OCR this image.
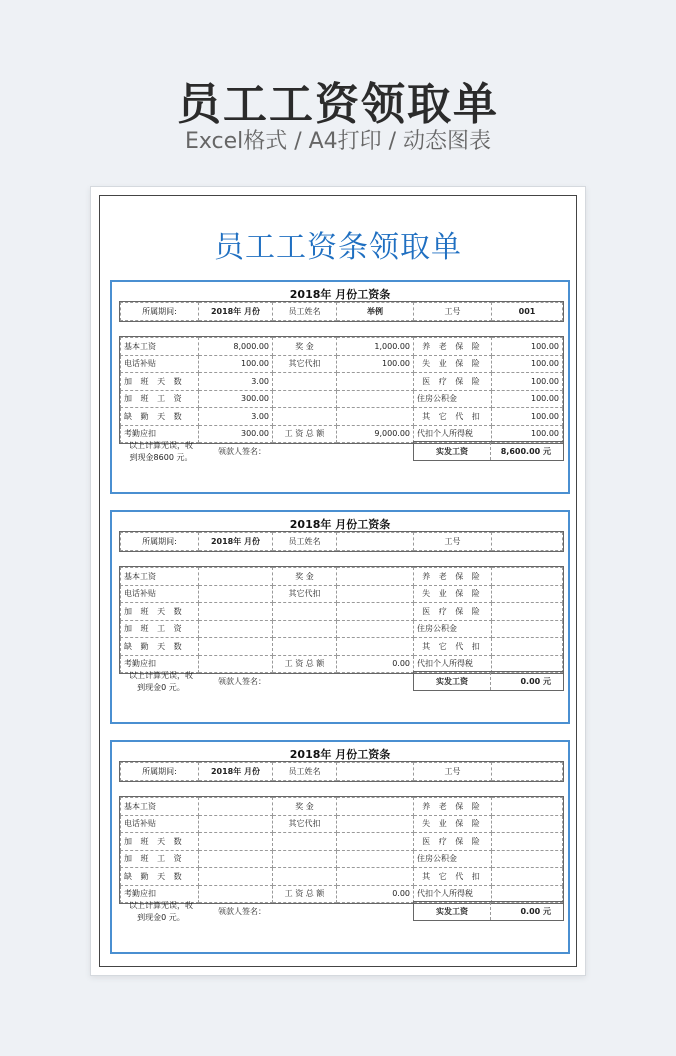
员工工资领取单
Excel格式 / A4打印 / 动态图表
员工工资条领取单
2018年 月份工资条
所属期间:	2018年 月份	员工姓名	举例	工号	001
基本工资	8,000.00	奖 金	1,000.00	养 老 保 险	100.00
电话补贴	100.00	其它代扣	100.00	失 业 保 险	100.00
加 班 天 数	3.00			医 疗 保 险	100.00
加 班 工 资	300.00			住房公积金	100.00
缺 勤 天 数	3.00			其 它 代 扣	100.00
考勤应扣	300.00	工 资 总 额	9,000.00	代扣个人所得税	100.00
以上计算无误，收到现金8600 元。
领款人签名：	实发工资	8,600.00 元
2018年 月份工资条
所属期间:	2018年 月份	员工姓名		工号	
基本工资		奖 金		养 老 保 险	
电话补贴		其它代扣		失 业 保 险	
加 班 天 数				医 疗 保 险	
加 班 工 资				住房公积金	
缺 勤 天 数				其 它 代 扣	
考勤应扣		工 资 总 额	0.00	代扣个人所得税	
以上计算无误，收到现金0 元。
领款人签名：	实发工资	0.00 元
2018年 月份工资条
所属期间:	2018年 月份	员工姓名		工号	
基本工资		奖 金		养 老 保 险	
电话补贴		其它代扣		失 业 保 险	
加 班 天 数				医 疗 保 险	
加 班 工 资				住房公积金	
缺 勤 天 数				其 它 代 扣	
考勤应扣		工 资 总 额	0.00	代扣个人所得税	
以上计算无误，收到现金0 元。
领款人签名：	实发工资	0.00 元
